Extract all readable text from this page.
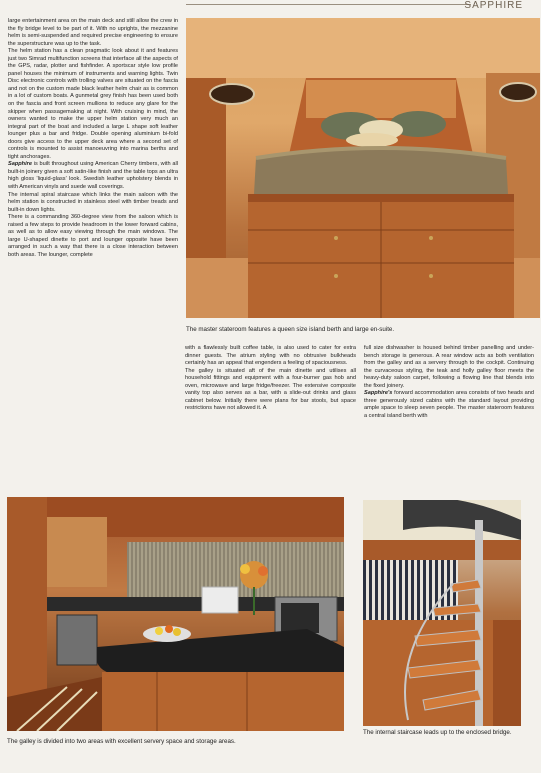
SAPPHIRE

large entertainment area on the main deck and still allow the crew in the fly bridge level to be part of it. With no uprights, the mezzanine helm is semi-suspended and required precise engineering to ensure the superstructure was up to the task.

The helm station has a clean pragmatic look about it and features just two Simrad multifunction screens that interface all the aspects of the GPS, radar, plotter and fishfinder. A sportscar style low profile panel houses the minimum of instruments and warning lights. Twin Disc electronic controls with trolling valves are situated on the fascia and not on the custom made black leather helm chair as is common in a lot of custom boats. A gunmetal grey finish has been used both on the fascia and front screen mullions to reduce any glare for the skipper when passagemaking at night. With cruising in mind, the owners wanted to make the upper helm station very much an integral part of the boat and included a large L shape soft leather lounger plus a bar and fridge. Double opening aluminium bi-fold doors give access to the upper deck area where a second set of controls is mounted to assist manoeuvring into marina berths and tight anchorages.

Sapphire is built throughout using American Cherry timbers, with all built-in joinery given a soft satin-like finish and the table tops an ultra high gloss 'liquid-glass' look. Swedish leather upholstery blends in with American vinyls and suede wall coverings.

The internal spiral staircase which links the main saloon with the helm station is constructed in stainless steel with timber treads and built-in down lights.

There is a commanding 360-degree view from the saloon which is raised a few steps to provide headroom in the lower forward cabins, as well as to allow easy viewing through the main windows. The large U-shaped dinette to port and lounger opposite have been arranged in such a way that there is a close interaction between both areas. The lounger, complete

The master stateroom features a queen size island berth and large en-suite.

with a flawlessly built coffee table, is also used to cater for extra dinner guests. The atrium styling with no obtrusive bulkheads certainly has an appeal that engenders a feeling of spaciousness.

The galley is situated aft of the main dinette and utilises all household fittings and equipment with a four-burner gas hob and oven, microwave and large fridge/freezer. The extensive composite vanity top also serves as a bar, with a slide-out drinks and glass cabinet below. Initially there were plans for bar stools, but space restrictions have not allowed it. A

full size dishwasher is housed behind timber panelling and under-bench storage is generous. A rear window acts as both ventilation from the galley and as a servery through to the cockpit. Continuing the curvaceous styling, the teak and holly galley floor meets the heavy-duty saloon carpet, following a flowing line that blends into the fixed joinery.

Sapphire's forward accommodation area consists of two heads and three generously sized cabins with the standard layout providing ample space to sleep seven people. The master stateroom features a central island berth with

The galley is divided into two areas with excellent servery space and storage areas.
The internal staircase leads up to the enclosed bridge.
